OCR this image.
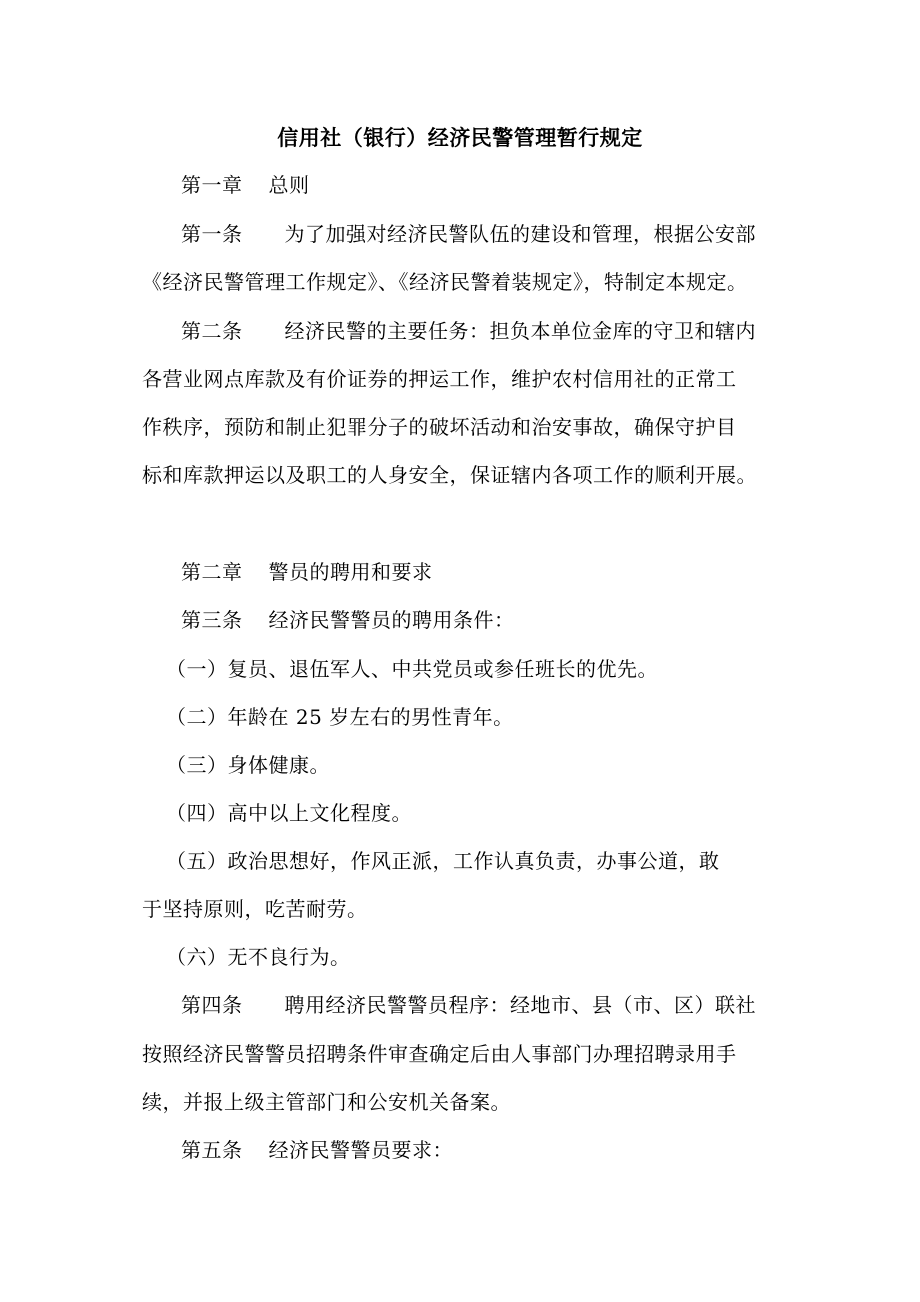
信用社（银行）经济民警管理暂行规定

第一章 总则

第一条 为了加强对经济民警队伍的建设和管理，根据公安部

《经济民警管理工作规定》、《经济民警着装规定》，特制定本规定。

第二条 经济民警的主要任务：担负本单位金库的守卫和辖内

各营业网点库款及有价证券的押运工作，维护农村信用社的正常工

作秩序，预防和制止犯罪分子的破坏活动和治安事故，确保守护目

标和库款押运以及职工的人身安全，保证辖内各项工作的顺利开展。

第二章 警员的聘用和要求

第三条 经济民警警员的聘用条件：

（一）复员、退伍军人、中共党员或参任班长的优先。

（二）年龄在 25 岁左右的男性青年。

（三）身体健康。

（四）高中以上文化程度。

（五）政治思想好，作风正派，工作认真负责，办事公道，敢

于坚持原则，吃苦耐劳。

（六）无不良行为。

第四条 聘用经济民警警员程序：经地市、县（市、区）联社

按照经济民警警员招聘条件审查确定后由人事部门办理招聘录用手

续，并报上级主管部门和公安机关备案。

第五条 经济民警警员要求：
